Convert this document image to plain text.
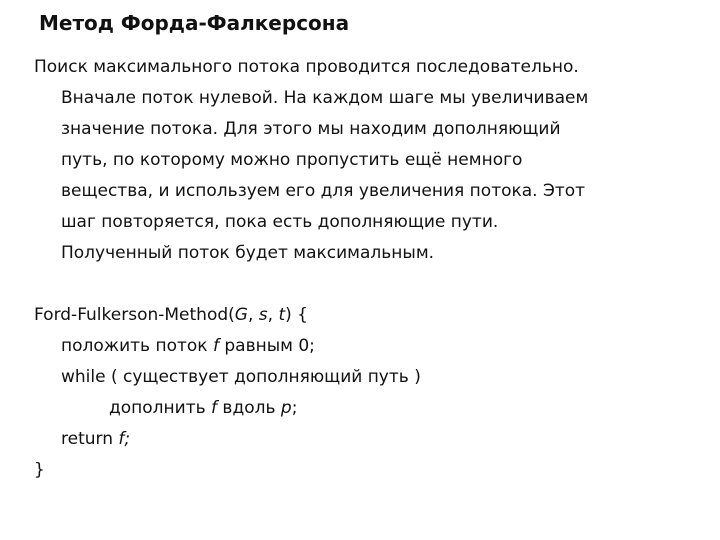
Метод Форда-Фалкерсона
Поиск максимального потока проводится последовательно.
Вначале поток нулевой. На каждом шаге мы увеличиваем
значение потока. Для этого мы находим дополняющий
путь, по которому можно пропустить ещё немного
вещества, и используем его для увеличения потока. Этот
шаг повторяется, пока есть дополняющие пути.
Полученный поток будет максимальным.
Ford-Fulkerson-Method(G, s, t) {
положить поток f равным 0;
while ( существует дополняющий путь )
дополнить f вдоль p;
return f;
}
